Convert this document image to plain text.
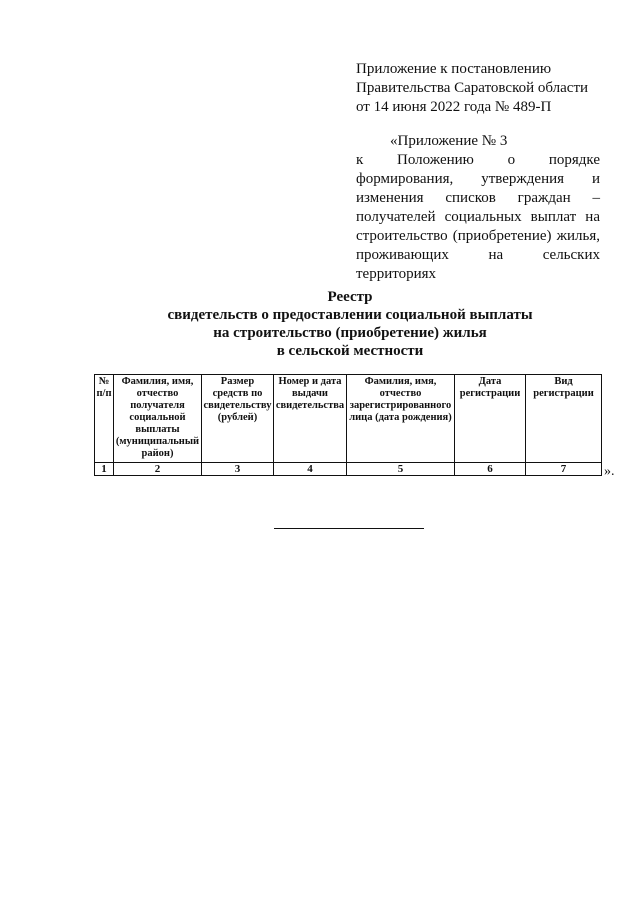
Приложение к постановлению
Правительства Саратовской области
от 14 июня 2022 года № 489-П
«Приложение № 3
к Положению о порядке формирования, утверждения и изменения списков граждан – получателей социальных выплат на строительство (приобретение) жилья, проживающих на сельских территориях
Реестр
свидетельств о предоставлении социальной выплаты
на строительство (приобретение) жилья
в сельской местности
№ п/п	Фамилия, имя, отчество получателя социальной выплаты (муниципальный район)	Размер средств по свидетельству (рублей)	Номер и дата выдачи свидетельства	Фамилия, имя, отчество зарегистрированного лица (дата рождения)	Дата регистрации	Вид регистрации
1	2	3	4	5	6	7	».
